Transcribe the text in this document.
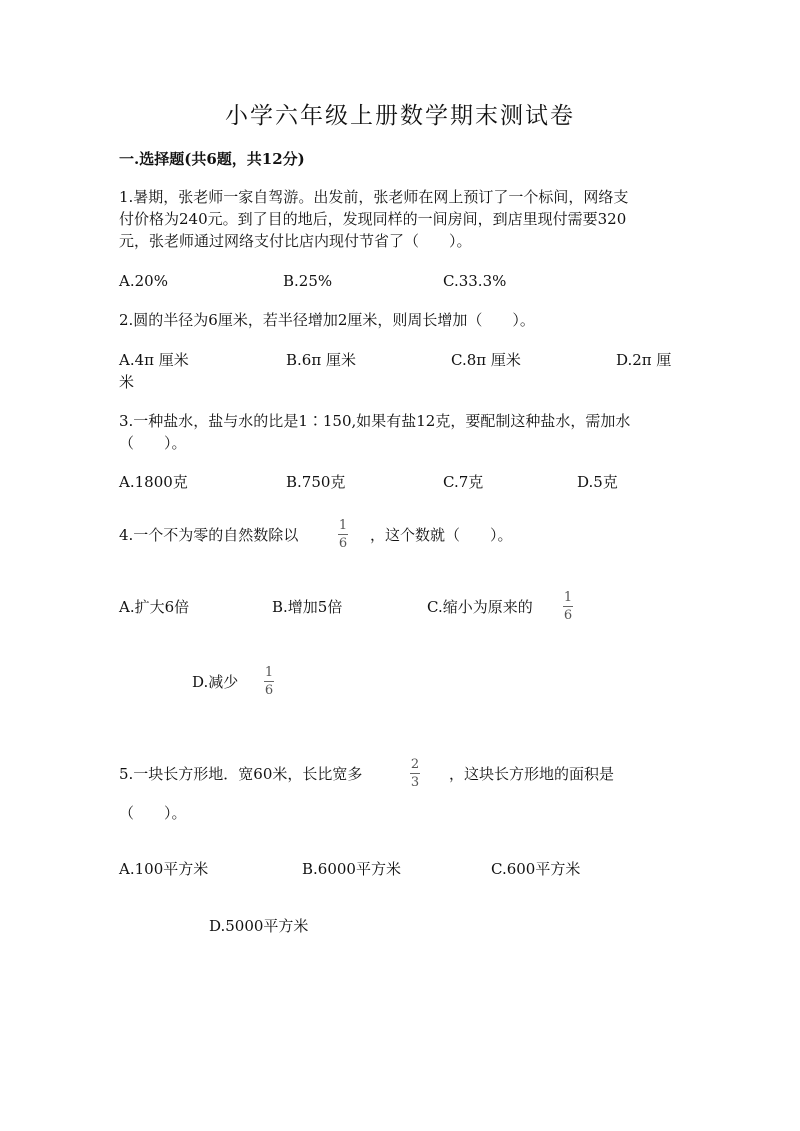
小学六年级上册数学期末测试卷
一.选择题(共6题，共12分)
1.暑期，张老师一家自驾游。出发前，张老师在网上预订了一个标间，网络支
付价格为240元。到了目的地后，发现同样的一间房间，到店里现付需要320
元，张老师通过网络支付比店内现付节省了（　　）。
A.20%	B.25%	C.33.3%
2.圆的半径为6厘米，若半径增加2厘米，则周长增加（　　）。
A.4π 厘米	B.6π 厘米	C.8π 厘米	D.2π 厘
米
3.一种盐水，盐与水的比是1∶150,如果有盐12克，要配制这种盐水，需加水
（　　）。
A.1800克	B.750克	C.7克	D.5克
4.一个不为零的自然数除以
1
6 ，这个数就（　　）。
A.扩大6倍	B.增加5倍	C.缩小为原来的
1
6
D.减少
1
6
5.一块长方形地．宽60米，长比宽多
2
3 ，这块长方形地的面积是
（　　）。
A.100平方米	B.6000平方米	C.600平方米
D.5000平方米
